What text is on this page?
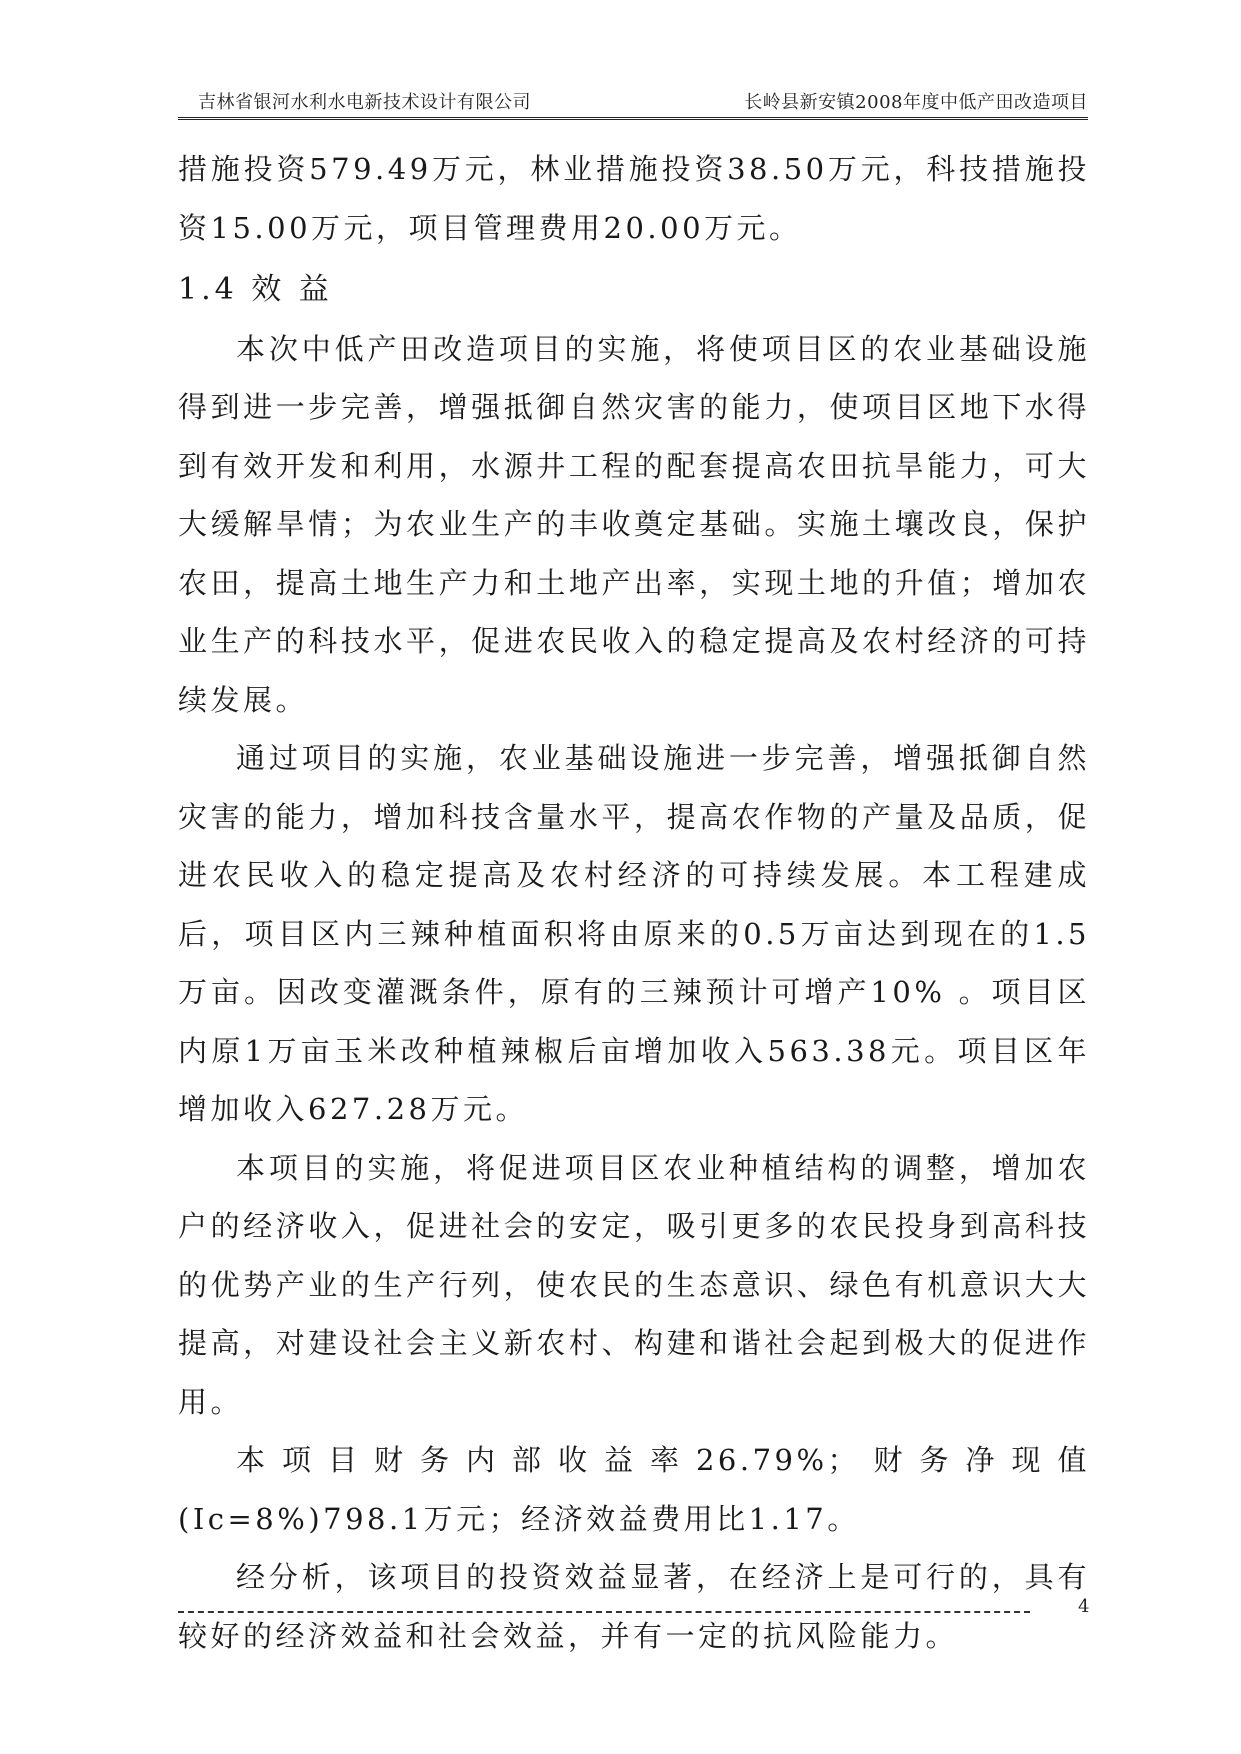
吉林省银河水利水电新技术设计有限公司	长岭县新安镇2008年度中低产田改造项目

措施投资579.49万元，林业措施投资38.50万元，科技措施投资15.00万元，项目管理费用20.00万元。

1.4 效 益

本次中低产田改造项目的实施，将使项目区的农业基础设施得到进一步完善，增强抵御自然灾害的能力，使项目区地下水得到有效开发和利用，水源井工程的配套提高农田抗旱能力，可大大缓解旱情；为农业生产的丰收奠定基础。实施土壤改良，保护农田，提高土地生产力和土地产出率，实现土地的升值；增加农业生产的科技水平，促进农民收入的稳定提高及农村经济的可持续发展。

通过项目的实施，农业基础设施进一步完善，增强抵御自然灾害的能力，增加科技含量水平，提高农作物的产量及品质，促进农民收入的稳定提高及农村经济的可持续发展。本工程建成后，项目区内三辣种植面积将由原来的0.5万亩达到现在的1.5万亩。因改变灌溉条件，原有的三辣预计可增产10% 。项目区内原1万亩玉米改种植辣椒后亩增加收入563.38元。项目区年增加收入627.28万元。

本项目的实施，将促进项目区农业种植结构的调整，增加农户的经济收入，促进社会的安定，吸引更多的农民投身到高科技的优势产业的生产行列，使农民的生态意识、绿色有机意识大大提高，对建设社会主义新农村、构建和谐社会起到极大的促进作用。

本项目财务内部收益率26.79%；财务净现值(Ic=8%)798.1万元；经济效益费用比1.17。

经分析，该项目的投资效益显著，在经济上是可行的，具有较好的经济效益和社会效益，并有一定的抗风险能力。

4
